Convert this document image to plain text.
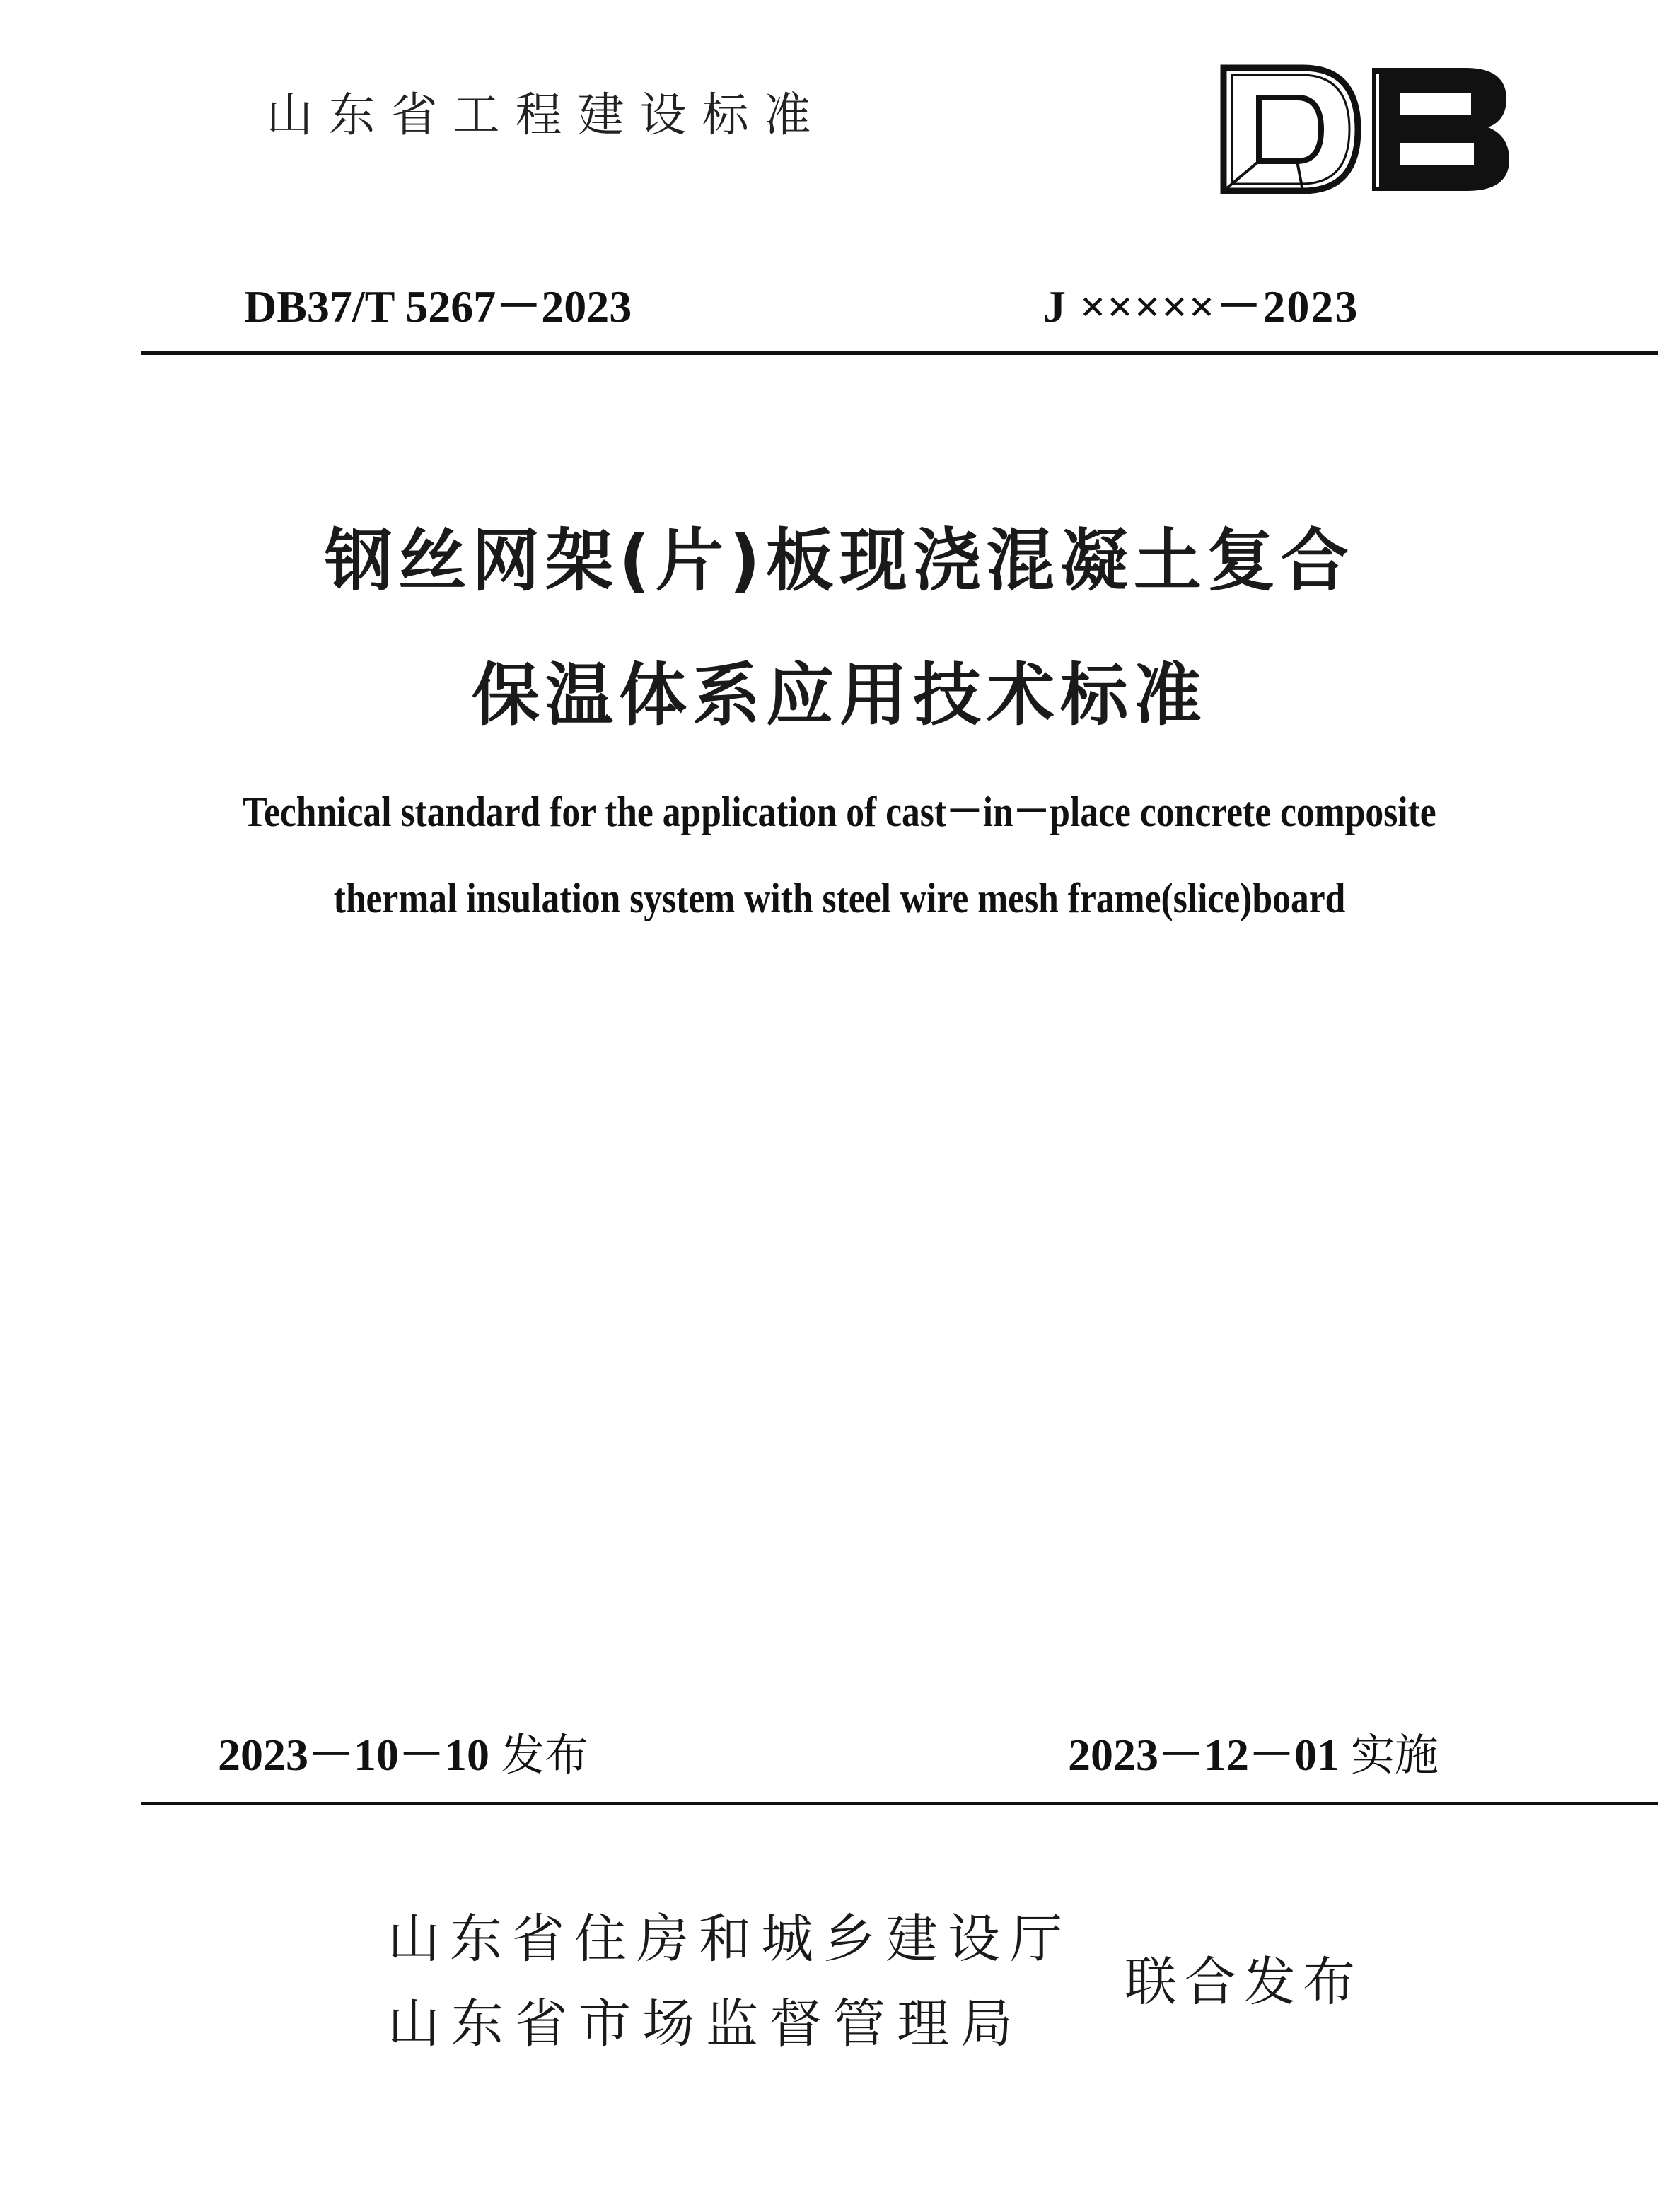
山东省工程建设标准
DB37/T 5267－2023	J ×××××－2023
钢丝网架(片)板现浇混凝土复合
保温体系应用技术标准
Technical standard for the application of cast－in－place concrete composite
thermal insulation system with steel wire mesh frame(slice)board
2023－10－10 发布	2023－12－01 实施
山东省住房和城乡建设厅
山东省市场监督管理局
联合发布
